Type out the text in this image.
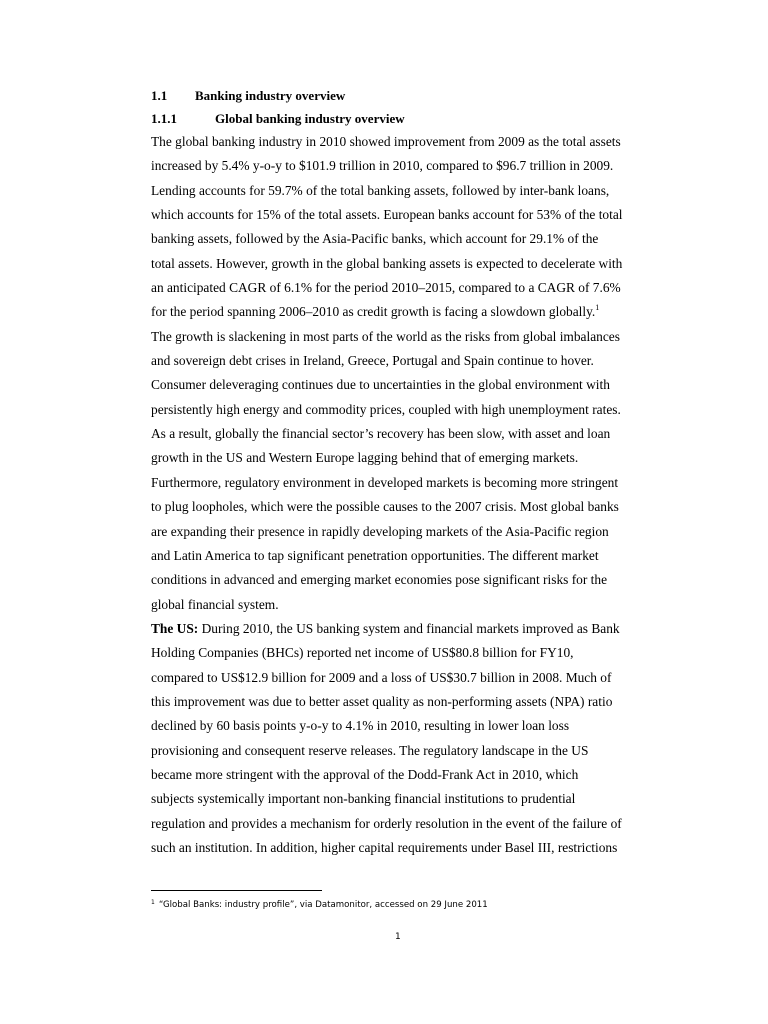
1.1 Banking industry overview
1.1.1	Global banking industry overview
The global banking industry in 2010 showed improvement from 2009 as the total assets
increased by 5.4% y-o-y to $101.9 trillion in 2010, compared to $96.7 trillion in 2009.
Lending accounts for 59.7% of the total banking assets, followed by inter-bank loans,
which accounts for 15% of the total assets. European banks account for 53% of the total
banking assets, followed by the Asia-Pacific banks, which account for 29.1% of the
total assets. However, growth in the global banking assets is expected to decelerate with
an anticipated CAGR of 6.1% for the period 2010–2015, compared to a CAGR of 7.6%
for the period spanning 2006–2010 as credit growth is facing a slowdown globally.$^1$
The growth is slackening in most parts of the world as the risks from global imbalances
and sovereign debt crises in Ireland, Greece, Portugal and Spain continue to hover.
Consumer deleveraging continues due to uncertainties in the global environment with
persistently high energy and commodity prices, coupled with high unemployment rates.
As a result, globally the financial sector’s recovery has been slow, with asset and loan
growth in the US and Western Europe lagging behind that of emerging markets.
Furthermore, regulatory environment in developed markets is becoming more stringent
to plug loopholes, which were the possible causes to the 2007 crisis. Most global banks
are expanding their presence in rapidly developing markets of the Asia-Pacific region
and Latin America to tap significant penetration opportunities. The different market
conditions in advanced and emerging market economies pose significant risks for the
global financial system.
The US: During 2010, the US banking system and financial markets improved as Bank
Holding Companies (BHCs) reported net income of US$80.8 billion for FY10,
compared to US$12.9 billion for 2009 and a loss of US$30.7 billion in 2008. Much of
this improvement was due to better asset quality as non-performing assets (NPA) ratio
declined by 60 basis points y-o-y to 4.1% in 2010, resulting in lower loan loss
provisioning and consequent reserve releases. The regulatory landscape in the US
became more stringent with the approval of the Dodd-Frank Act in 2010, which
subjects systemically important non-banking financial institutions to prudential
regulation and provides a mechanism for orderly resolution in the event of the failure of
such an institution. In addition, higher capital requirements under Basel III, restrictions
$^1$ “Global Banks: industry profile”, via Datamonitor, accessed on 29 June 2011
1
